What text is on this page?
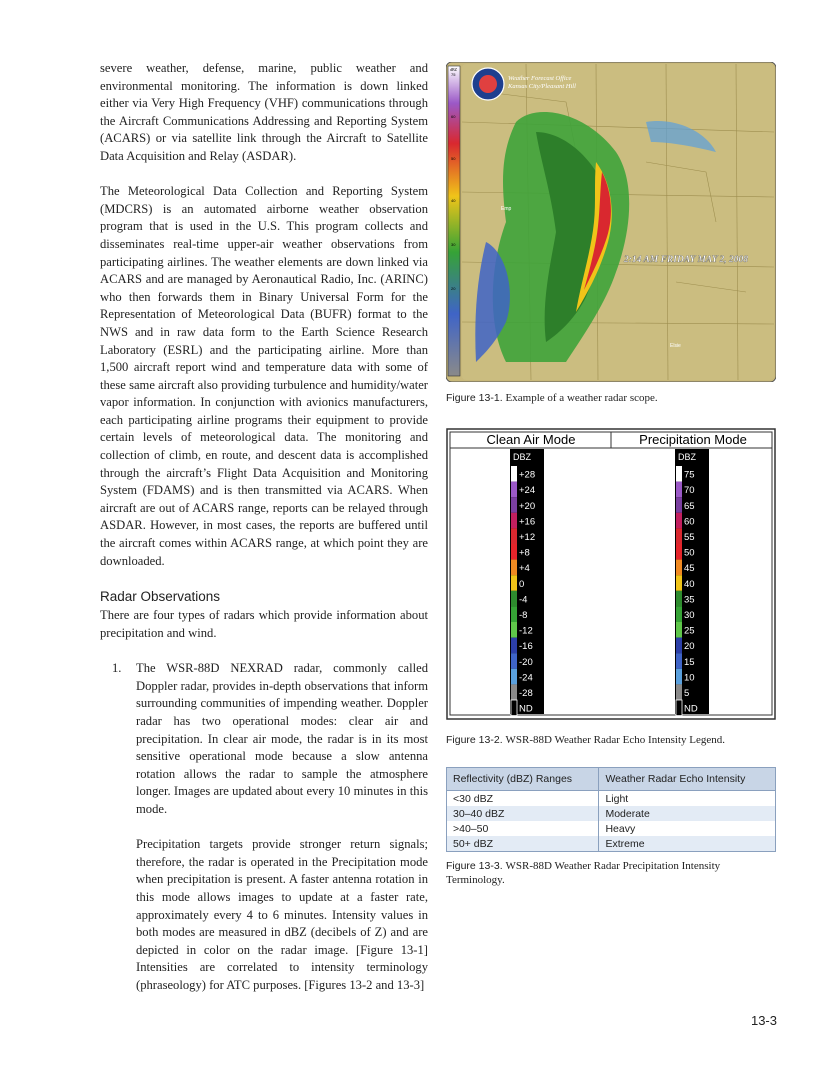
severe weather, defense, marine, public weather and environmental monitoring. The information is down linked either via Very High Frequency (VHF) communications through the Aircraft Communications Addressing and Reporting System (ACARS) or via satellite link through the Aircraft to Satellite Data Acquisition and Relay (ASDAR).

The Meteorological Data Collection and Reporting System (MDCRS) is an automated airborne weather observation program that is used in the U.S. This program collects and disseminates real-time upper-air weather observations from participating airlines. The weather elements are down linked via ACARS and are managed by Aeronautical Radio, Inc. (ARINC) who then forwards them in Binary Universal Form for the Representation of Meteorological Data (BUFR) format to the NWS and in raw data form to the Earth Science Research Laboratory (ESRL) and the participating airline. More than 1,500 aircraft report wind and temperature data with some of these same aircraft also providing turbulence and humidity/water vapor information. In conjunction with avionics manufacturers, each participating airline programs their equipment to provide certain levels of meteorological data. The monitoring and collection of climb, en route, and descent data is accomplished through the aircraft’s Flight Data Acquisition and Monitoring System (FDAMS) and is then transmitted via ACARS. When aircraft are out of ACARS range, reports can be relayed through ASDAR. However, in most cases, the reports are buffered until the aircraft comes within ACARS range, at which point they are downloaded.

Radar Observations

There are four types of radars which provide information about precipitation and wind.

1. The WSR-88D NEXRAD radar, commonly called Doppler radar, provides in-depth observations that inform surrounding communities of impending weather. Doppler radar has two operational modes: clear air and precipitation. In clear air mode, the radar is in its most sensitive operational mode because a slow antenna rotation allows the radar to sample the atmosphere longer. Images are updated about every 10 minutes in this mode.

Precipitation targets provide stronger return signals; therefore, the radar is operated in the Precipitation mode when precipitation is present. A faster antenna rotation in this mode allows images to update at a faster rate, approximately every 4 to 6 minutes. Intensity values in both modes are measured in dBZ (decibels of Z) and are depicted in color on the radar image. [Figure 13-1] Intensities are correlated to intensity terminology (phraseology) for ATC purposes. [Figures 13-2 and 13-3]

dBZ
75
60
50
40
30
20
Weather Forecast Office
Kansas City/Pleasant Hill
2:14 AM FRIDAY MAY 2, 2008
Emp
Elsie
Figure 13-1. Example of a weather radar scope.
Clean Air Mode	Precipitation Mode
DBZ	DBZ
+28
+24
+20
+16
+12
+8
+4
0
-4
-8
-12
-16
-20
-24
-28
ND
75
70
65
60
55
50
45
40
35
30
25
20
15
10
5
ND
Figure 13-2. WSR-88D Weather Radar Echo Intensity Legend.
Reflectivity (dBZ) Ranges	Weather Radar Echo Intensity
<30 dBZ	Light
30–40 dBZ	Moderate
>40–50	Heavy
50+ dBZ	Extreme
Figure 13-3. WSR-88D Weather Radar Precipitation Intensity Terminology.
13-3
